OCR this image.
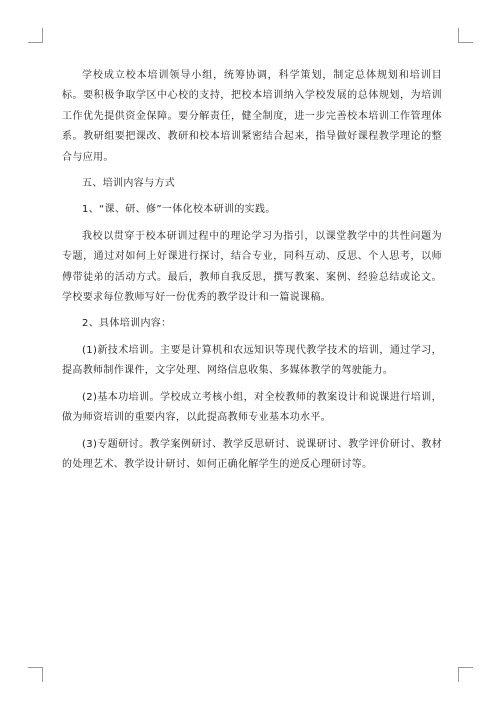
学校成立校本培训领导小组，统筹协调，科学策划，制定总体规划和培训目标。要积极争取学区中心校的支持，把校本培训纳入学校发展的总体规划，为培训工作优先提供资金保障。要分解责任，健全制度，进一步完善校本培训工作管理体系。教研组要把课改、教研和校本培训紧密结合起来，指导做好课程教学理论的整合与应用。

五、培训内容与方式

1、“课、研、修”一体化校本研训的实践。

我校以贯穿于校本研训过程中的理论学习为指引，以课堂教学中的共性问题为专题，通过对如何上好课进行探讨，结合专业，同科互动、反思、个人思考，以师傅带徒弟的活动方式。最后，教师自我反思，撰写教案、案例、经验总结或论文。学校要求每位教师写好一份优秀的教学设计和一篇说课稿。

2、具体培训内容：

(1)新技术培训。主要是计算机和农远知识等现代教学技术的培训，通过学习，提高教师制作课件，文字处理、网络信息收集、多媒体教学的驾驶能力。

(2)基本功培训。学校成立考核小组，对全校教师的教案设计和说课进行培训，做为师资培训的重要内容，以此提高教师专业基本功水平。

(3)专题研讨。教学案例研讨、教学反思研讨、说课研讨、教学评价研讨、教材的处理艺术、教学设计研讨、如何正确化解学生的逆反心理研讨等。
